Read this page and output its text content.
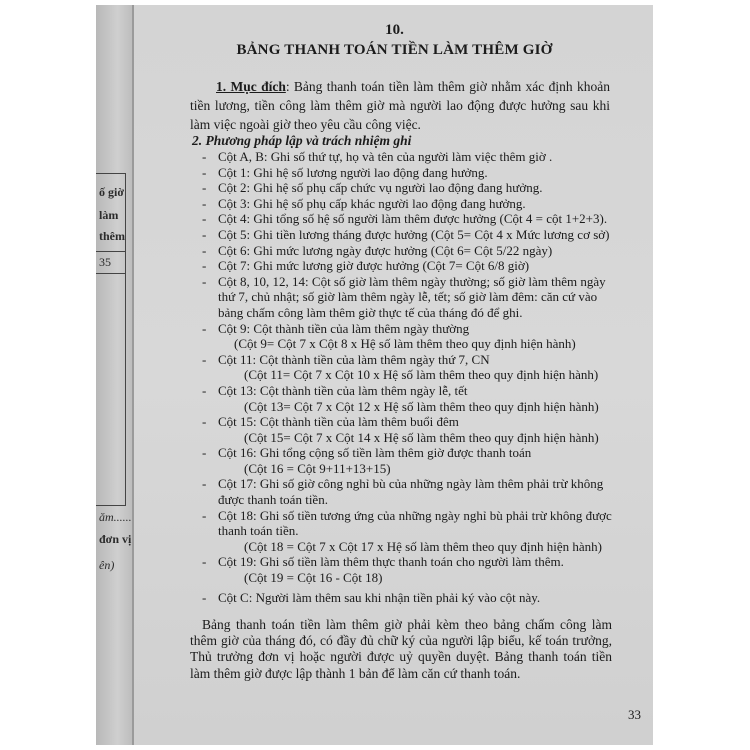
ố giờ
làm
thêm
35
ăm......
đơn vị
ên)
10.
BẢNG THANH TOÁN TIỀN LÀM THÊM GIỜ
1. Mục đích: Bảng thanh toán tiền làm thêm giờ nhằm xác định khoản tiền lương, tiền công làm thêm giờ mà người lao động được hưởng sau khi làm việc ngoài giờ theo yêu cầu công việc.
2. Phương pháp lập và trách nhiệm ghi
- Cột A, B: Ghi số thứ tự, họ và tên của người làm việc thêm giờ .
- Cột 1: Ghi hệ số lương người lao động đang hưởng.
- Cột 2: Ghi hệ số phụ cấp chức vụ người lao động đang hưởng.
- Cột 3: Ghi hệ số phụ cấp khác người lao động đang hưởng.
- Cột 4: Ghi tổng số hệ số người làm thêm được hưởng (Cột 4 = cột 1+2+3).
- Cột 5: Ghi tiền lương tháng được hưởng (Cột 5= Cột 4 x Mức lương cơ sở)
- Cột 6: Ghi mức lương ngày được hưởng (Cột 6= Cột 5/22 ngày)
- Cột 7: Ghi mức lương giờ được hưởng (Cột 7= Cột 6/8 giờ)
- Cột 8, 10, 12, 14: Cột số giờ làm thêm ngày thường; số giờ làm thêm ngày thứ 7, chủ nhật; số giờ làm thêm ngày lễ, tết; số giờ làm đêm: căn cứ vào bảng chấm công làm thêm giờ thực tế của tháng đó để ghi.
- Cột 9: Cột thành tiền của làm thêm ngày thường
(Cột 9= Cột 7 x Cột 8 x Hệ số làm thêm theo quy định hiện hành)
- Cột 11: Cột thành tiền của làm thêm ngày thứ 7, CN
(Cột 11= Cột 7 x Cột 10 x Hệ số làm thêm theo quy định hiện hành)
- Cột 13: Cột thành tiền của làm thêm ngày lễ, tết
(Cột 13= Cột 7 x Cột 12 x Hệ số làm thêm theo quy định hiện hành)
- Cột 15: Cột thành tiền của làm thêm buổi đêm
(Cột 15= Cột 7 x Cột 14 x Hệ số làm thêm theo quy định hiện hành)
- Cột 16: Ghi tổng cộng số tiền làm thêm giờ được thanh toán
(Cột 16 = Cột 9+11+13+15)
- Cột 17: Ghi số giờ công nghỉ bù của những ngày làm thêm phải trừ không được thanh toán tiền.
- Cột 18: Ghi số tiền tương ứng của những ngày nghỉ bù phải trừ không được thanh toán tiền.
(Cột 18 = Cột 7 x Cột 17 x Hệ số làm thêm theo quy định hiện hành)
- Cột 19: Ghi số tiền làm thêm thực thanh toán cho người làm thêm.
(Cột 19 = Cột 16 - Cột 18)
- Cột C: Người làm thêm sau khi nhận tiền phải ký vào cột này.
Bảng thanh toán tiền làm thêm giờ phải kèm theo bảng chấm công làm thêm giờ của tháng đó, có đầy đủ chữ ký của người lập biểu, kế toán trưởng, Thủ trưởng đơn vị hoặc người được uỷ quyền duyệt. Bảng thanh toán tiền làm thêm giờ được lập thành 1 bản để làm căn cứ thanh toán.
33
